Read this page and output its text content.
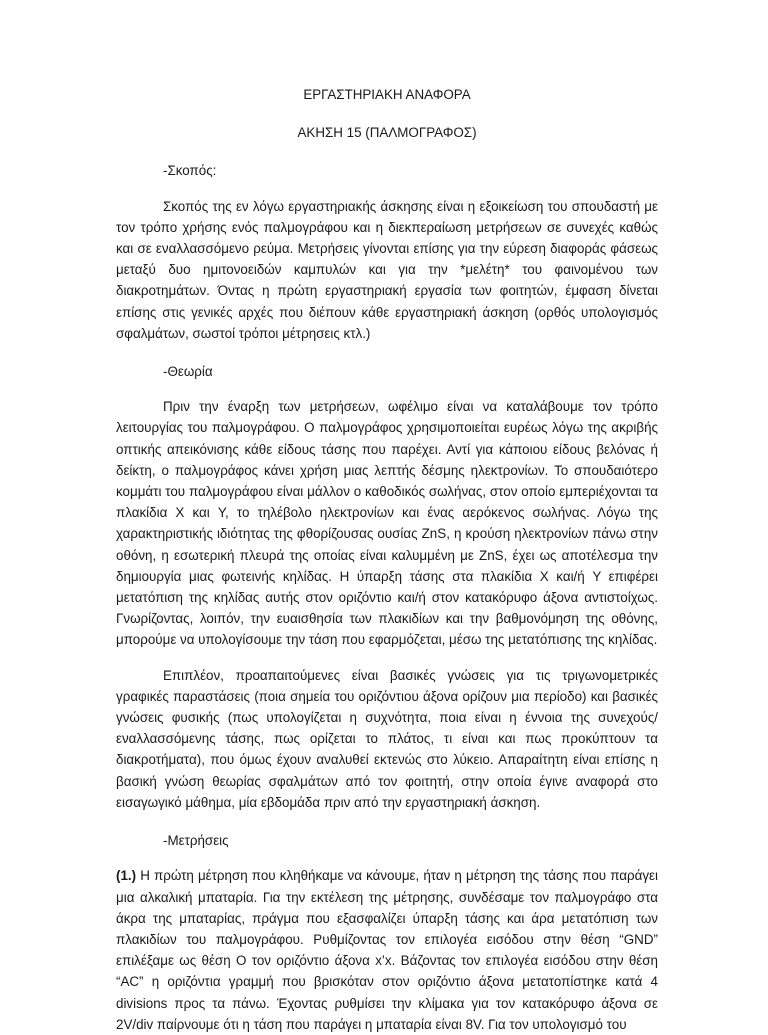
ΕΡΓΑΣΤΗΡΙΑΚΗ ΑΝΑΦΟΡΑ

ΑΚΗΣΗ 15 (ΠΑΛΜΟΓΡΑΦΟΣ)

-Σκοπός:

Σκοπός της εν λόγω εργαστηριακής άσκησης είναι η εξοικείωση του σπουδαστή με τον τρόπο χρήσης ενός παλμογράφου και η διεκπεραίωση μετρήσεων σε συνεχές καθώς και σε εναλλασσόμενο ρεύμα. Μετρήσεις γίνονται επίσης για την εύρεση διαφοράς φάσεως μεταξύ δυο ημιτονοειδών καμπυλών και για την *μελέτη* του φαινομένου των διακροτημάτων. Όντας η πρώτη εργαστηριακή εργασία των φοιτητών, έμφαση δίνεται επίσης στις γενικές αρχές που διέπουν κάθε εργαστηριακή άσκηση (ορθός υπολογισμός σφαλμάτων, σωστοί τρόποι μέτρησεις κτλ.)

-Θεωρία

Πριν την έναρξη των μετρήσεων, ωφέλιμο είναι να καταλάβουμε τον τρόπο λειτουργίας του παλμογράφου. Ο παλμογράφος χρησιμοποιείται ευρέως λόγω της ακριβής οπτικής απεικόνισης κάθε είδους τάσης που παρέχει. Αντί για κάποιου είδους βελόνας ή δείκτη, ο παλμογράφος κάνει χρήση μιας λεπτής δέσμης ηλεκτρονίων. Το σπουδαιότερο κομμάτι του παλμογράφου είναι μάλλον ο καθοδικός σωλήνας, στον οποίο εμπεριέχονται τα πλακίδια X και Y, το τηλέβολο ηλεκτρονίων και ένας αερόκενος σωλήνας. Λόγω της χαρακτηριστικής ιδιότητας της φθορίζουσας ουσίας ZnS, η κρούση ηλεκτρονίων πάνω στην οθόνη, η εσωτερική πλευρά της οποίας είναι καλυμμένη με ZnS, έχει ως αποτέλεσμα την δημιουργία μιας φωτεινής κηλίδας. Η ύπαρξη τάσης στα πλακίδια X και/ή Y επιφέρει μετατόπιση της κηλίδας αυτής στον οριζόντιο και/ή στον κατακόρυφο άξονα αντιστοίχως. Γνωρίζοντας, λοιπόν, την ευαισθησία των πλακιδίων και την βαθμονόμηση της οθόνης, μπορούμε να υπολογίσουμε την τάση που εφαρμόζεται, μέσω της μετατόπισης της κηλίδας.

Επιπλέον, προαπαιτούμενες είναι βασικές γνώσεις για τις τριγωνομετρικές γραφικές παραστάσεις (ποια σημεία του οριζόντιου άξονα ορίζουν μια περίοδο) και βασικές γνώσεις φυσικής (πως υπολογίζεται η συχνότητα, ποια είναι η έννοια της συνεχούς/εναλλασσόμενης τάσης, πως ορίζεται το πλάτος, τι είναι και πως προκύπτουν τα διακροτήματα), που όμως έχουν αναλυθεί εκτενώς στο λύκειο. Απαραίτητη είναι επίσης η βασική γνώση θεωρίας σφαλμάτων από τον φοιτητή, στην οποία έγινε αναφορά στο εισαγωγικό μάθημα, μία εβδομάδα πριν από την εργαστηριακή άσκηση.

-Μετρήσεις

(1.) Η πρώτη μέτρηση που κληθήκαμε να κάνουμε, ήταν η μέτρηση της τάσης που παράγει μια αλκαλική μπαταρία. Για την εκτέλεση της μέτρησης, συνδέσαμε τον παλμογράφο στα άκρα της μπαταρίας, πράγμα που εξασφαλίζει ύπαρξη τάσης και άρα μετατόπιση των πλακιδίων του παλμογράφου. Ρυθμίζοντας τον επιλογέα εισόδου στην θέση “GND” επιλέξαμε ως θέση Ο τον οριζόντιο άξονα x’x. Βάζοντας τον επιλογέα εισόδου στην θέση “AC” η οριζόντια γραμμή που βρισκόταν στον οριζόντιο άξονα μετατοπίστηκε κατά 4 divisions προς τα πάνω. Έχοντας ρυθμίσει την κλίμακα για τον κατακόρυφο άξονα σε 2V/div παίρνουμε ότι η τάση που παράγει η μπαταρία είναι 8V. Για τον υπολογισμό του
